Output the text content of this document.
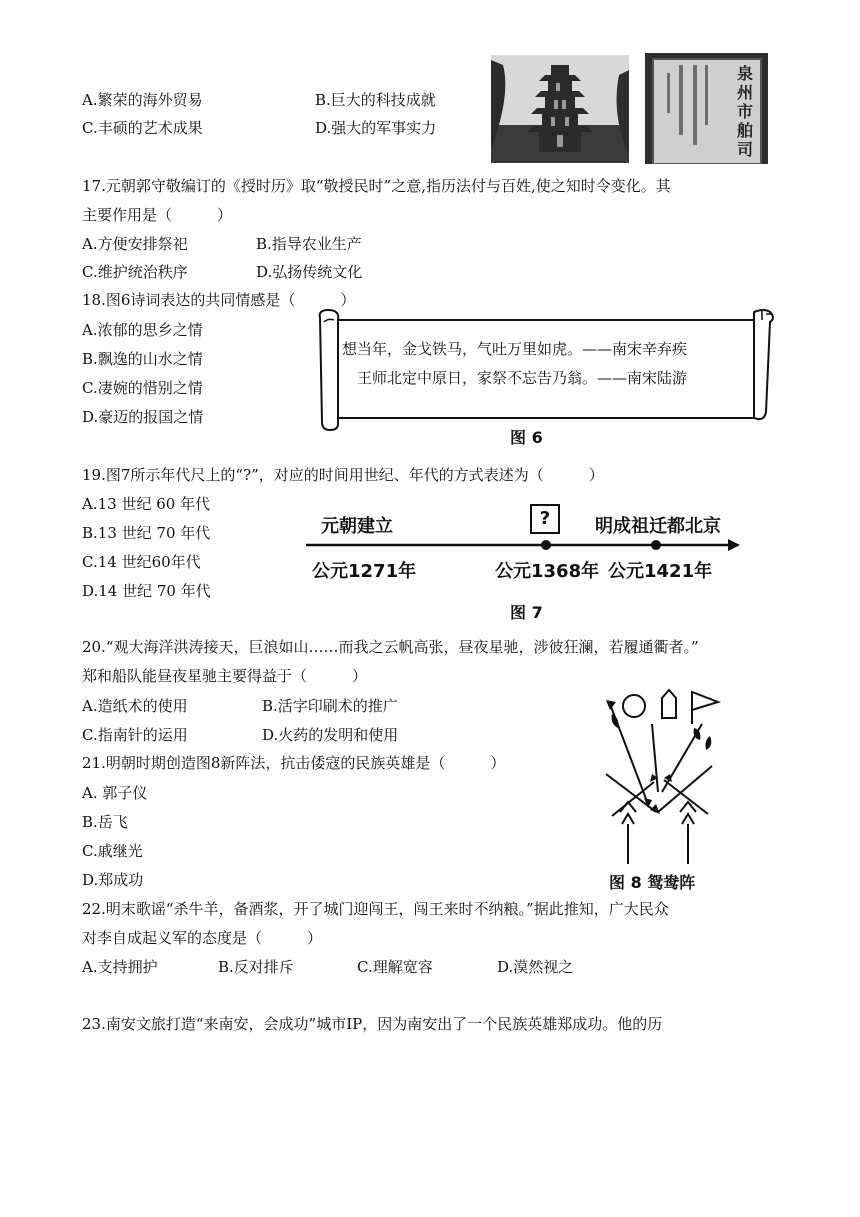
A.繁荣的海外贸易	B.巨大的科技成就
C.丰硕的艺术成果	D.强大的军事实力
泉
州
市
舶
司
17.元朝郭守敬编订的《授时历》取“敬授民时”之意,指历法付与百姓,使之知时令变化。其
主要作用是（　　　）
A.方便安排祭祀	B.指导农业生产
C.维护统治秩序	D.弘扬传统文化
18.图6诗词表达的共同情感是（　　　）
A.浓郁的思乡之情
B.飘逸的山水之情
C.凄婉的惜别之情
D.豪迈的报国之情
想当年，金戈铁马，气吐万里如虎。——南宋辛弃疾
王师北定中原日，家祭不忘告乃翁。——南宋陆游
图 6
19.图7所示年代尺上的“?”，对应的时间用世纪、年代的方式表述为（　　　）
A.13 世纪 60 年代
B.13 世纪 70 年代
C.14 世纪60年代
D.14 世纪 70 年代
元朝建立	?	明成祖迁都北京
公元1271年	公元1368年 公元1421年
图 7
20.“观大海洋洪涛接天，巨浪如山……而我之云帆高张，昼夜星驰，涉彼狂澜，若履通衢者。”
郑和船队能昼夜星驰主要得益于（　　　）
A.造纸术的使用	B.活字印刷术的推广
C.指南针的运用	D.火药的发明和使用
21.明朝时期创造图8新阵法，抗击倭寇的民族英雄是（　　　）
A. 郭子仪
B.岳飞
C.戚继光
D.郑成功	图 8 鸳鸯阵
22.明末歌谣“杀牛羊，备酒浆，开了城门迎闯王，闯王来时不纳粮。”据此推知，广大民众
对李自成起义军的态度是（　　　）
A.支持拥护	B.反对排斥	C.理解宽容	D.漠然视之
23.南安文旅打造“来南安，会成功”城市IP，因为南安出了一个民族英雄郑成功。他的历
